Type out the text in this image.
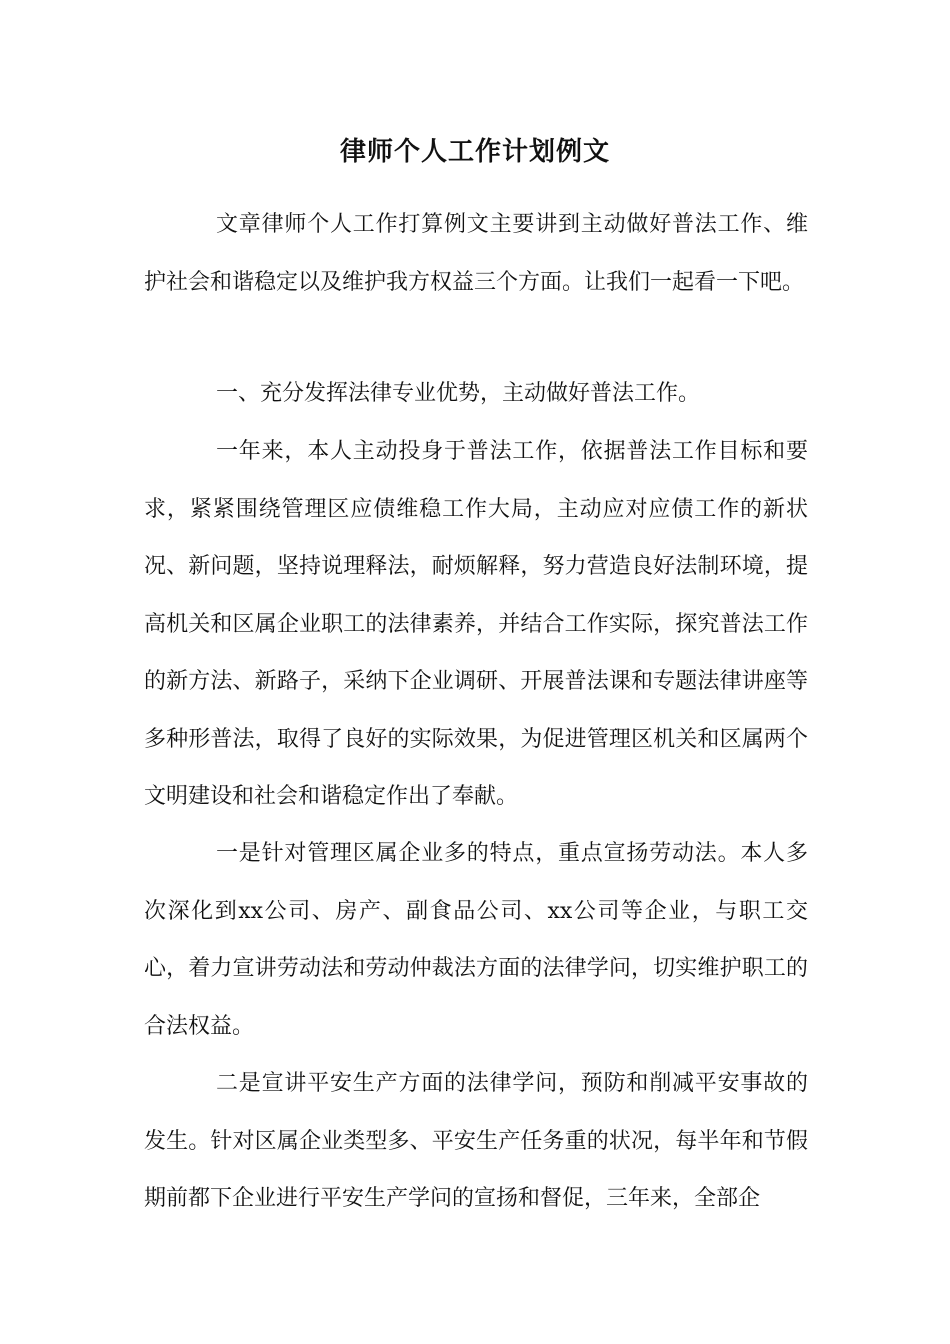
律师个人工作计划例文

文章律师个人工作打算例文主要讲到主动做好普法工作、维护社会和谐稳定以及维护我方权益三个方面。让我们一起看一下吧。

一、充分发挥法律专业优势，主动做好普法工作。

一年来，本人主动投身于普法工作，依据普法工作目标和要求，紧紧围绕管理区应债维稳工作大局，主动应对应债工作的新状况、新问题，坚持说理释法，耐烦解释，努力营造良好法制环境，提高机关和区属企业职工的法律素养，并结合工作实际，探究普法工作的新方法、新路子，采纳下企业调研、开展普法课和专题法律讲座等多种形普法，取得了良好的实际效果，为促进管理区机关和区属两个文明建设和社会和谐稳定作出了奉献。

一是针对管理区属企业多的特点，重点宣扬劳动法。本人多次深化到xx公司、房产、副食品公司、xx公司等企业，与职工交心，着力宣讲劳动法和劳动仲裁法方面的法律学问，切实维护职工的合法权益。

二是宣讲平安生产方面的法律学问，预防和削减平安事故的发生。针对区属企业类型多、平安生产任务重的状况，每半年和节假期前都下企业进行平安生产学问的宣扬和督促，三年来，全部企
